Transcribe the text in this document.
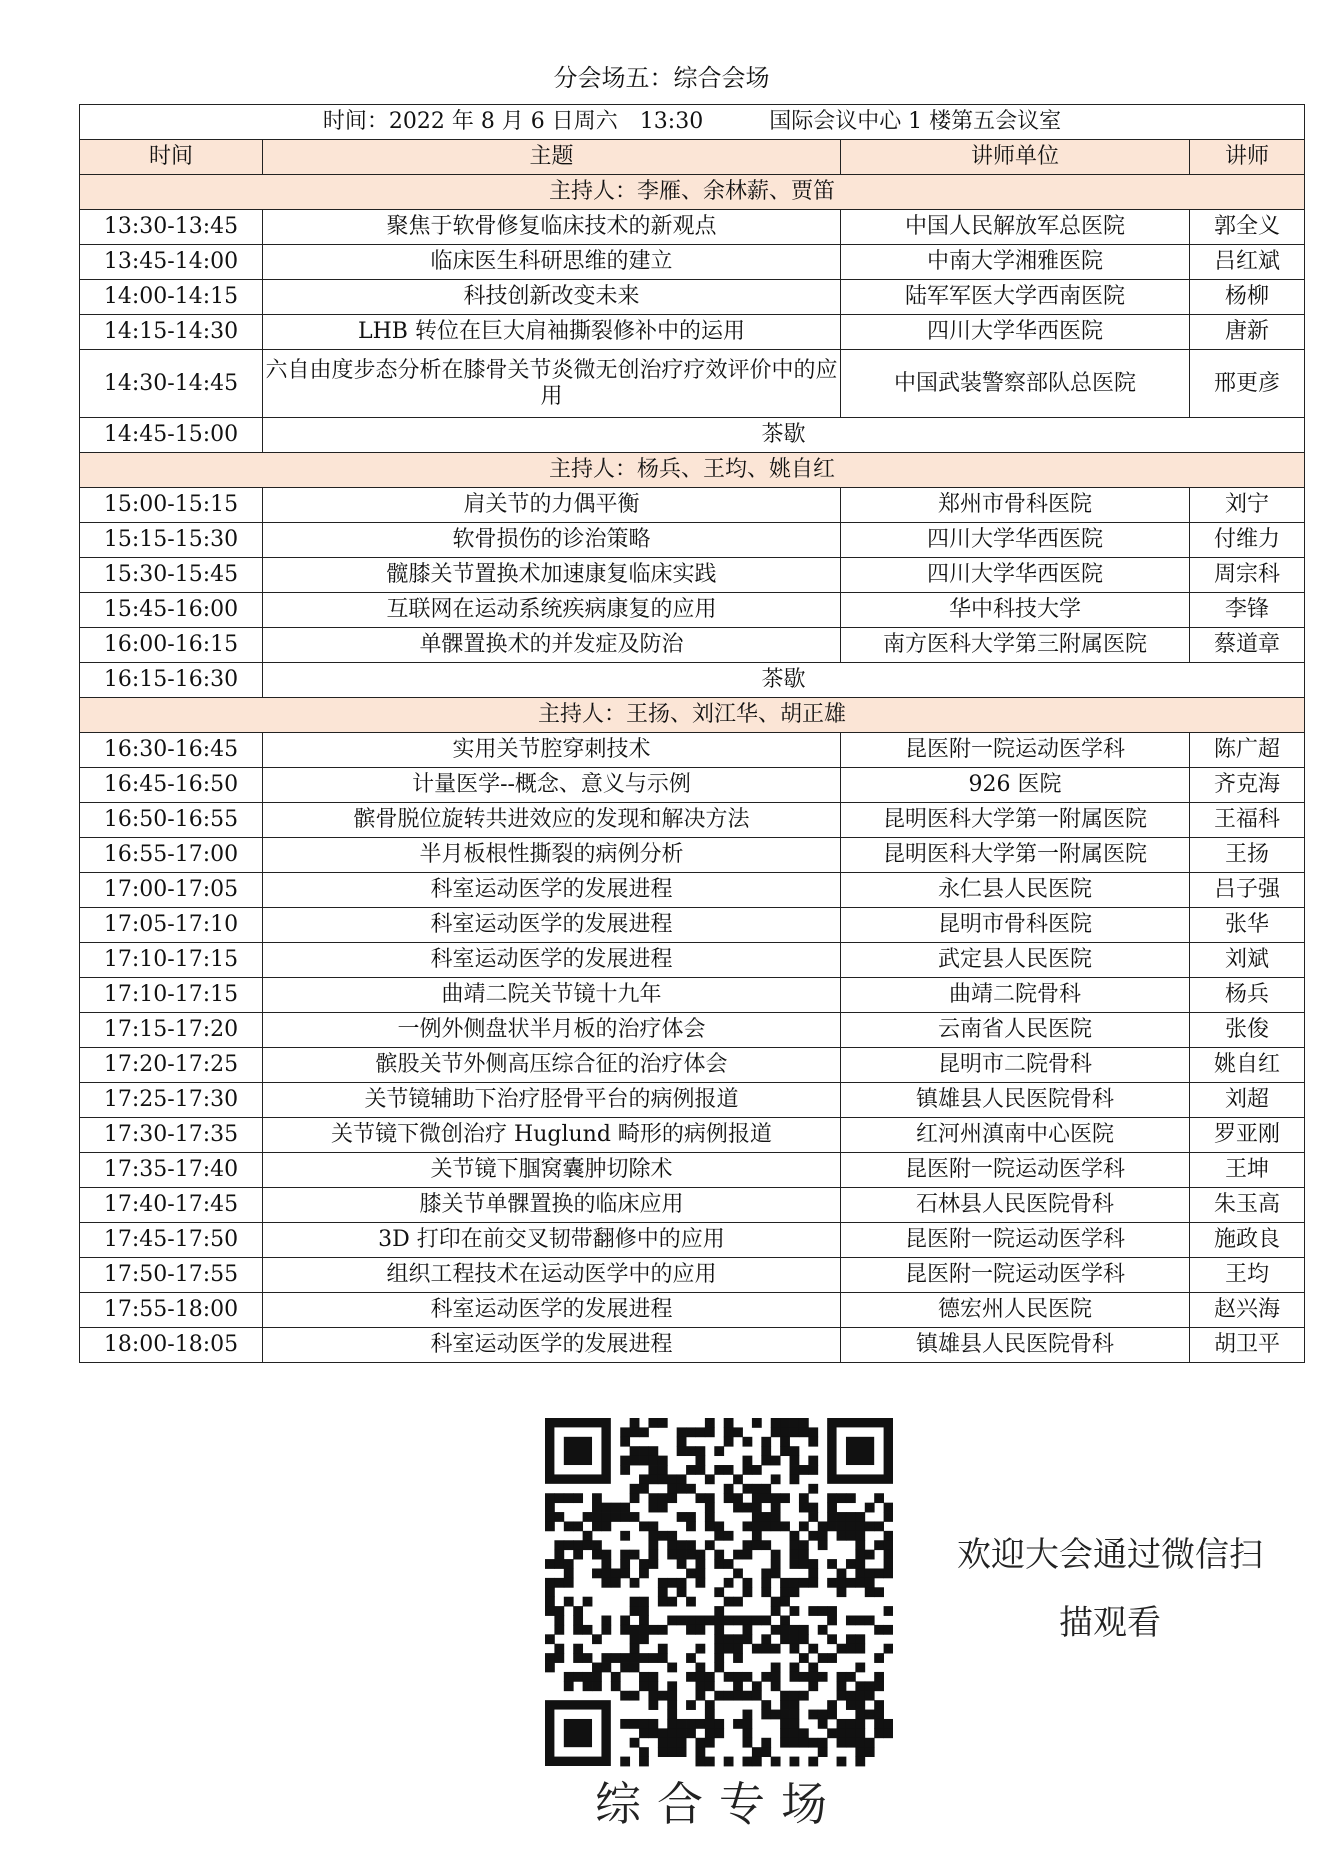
分会场五：综合会场
时间：2022 年 8 月 6 日周六　13:30　　　国际会议中心 1 楼第五会议室			
时间	主题	讲师单位	讲师
主持人：李雁、余林薪、贾笛			
13:30-13:45	聚焦于软骨修复临床技术的新观点	中国人民解放军总医院	郭全义
13:45-14:00	临床医生科研思维的建立	中南大学湘雅医院	吕红斌
14:00-14:15	科技创新改变未来	陆军军医大学西南医院	杨柳
14:15-14:30	LHB 转位在巨大肩袖撕裂修补中的运用	四川大学华西医院	唐新
14:30-14:45	六自由度步态分析在膝骨关节炎微无创治疗疗效评价中的应用	中国武装警察部队总医院	邢更彦
14:45-15:00	茶歇		
主持人：杨兵、王均、姚自红			
15:00-15:15	肩关节的力偶平衡	郑州市骨科医院	刘宁
15:15-15:30	软骨损伤的诊治策略	四川大学华西医院	付维力
15:30-15:45	髋膝关节置换术加速康复临床实践	四川大学华西医院	周宗科
15:45-16:00	互联网在运动系统疾病康复的应用	华中科技大学	李锋
16:00-16:15	单髁置换术的并发症及防治	南方医科大学第三附属医院	蔡道章
16:15-16:30	茶歇		
主持人：王扬、刘江华、胡正雄			
16:30-16:45	实用关节腔穿刺技术	昆医附一院运动医学科	陈广超
16:45-16:50	计量医学--概念、意义与示例	926 医院	齐克海
16:50-16:55	髌骨脱位旋转共进效应的发现和解决方法	昆明医科大学第一附属医院	王福科
16:55-17:00	半月板根性撕裂的病例分析	昆明医科大学第一附属医院	王扬
17:00-17:05	科室运动医学的发展进程	永仁县人民医院	吕子强
17:05-17:10	科室运动医学的发展进程	昆明市骨科医院	张华
17:10-17:15	科室运动医学的发展进程	武定县人民医院	刘斌
17:10-17:15	曲靖二院关节镜十九年	曲靖二院骨科	杨兵
17:15-17:20	一例外侧盘状半月板的治疗体会	云南省人民医院	张俊
17:20-17:25	髌股关节外侧高压综合征的治疗体会	昆明市二院骨科	姚自红
17:25-17:30	关节镜辅助下治疗胫骨平台的病例报道	镇雄县人民医院骨科	刘超
17:30-17:35	关节镜下微创治疗 Huglund 畸形的病例报道	红河州滇南中心医院	罗亚刚
17:35-17:40	关节镜下腘窝囊肿切除术	昆医附一院运动医学科	王坤
17:40-17:45	膝关节单髁置换的临床应用	石林县人民医院骨科	朱玉高
17:45-17:50	3D 打印在前交叉韧带翻修中的应用	昆医附一院运动医学科	施政良
17:50-17:55	组织工程技术在运动医学中的应用	昆医附一院运动医学科	王均
17:55-18:00	科室运动医学的发展进程	德宏州人民医院	赵兴海
18:00-18:05	科室运动医学的发展进程	镇雄县人民医院骨科	胡卫平
综合专场
欢迎大会通过微信扫
描观看
